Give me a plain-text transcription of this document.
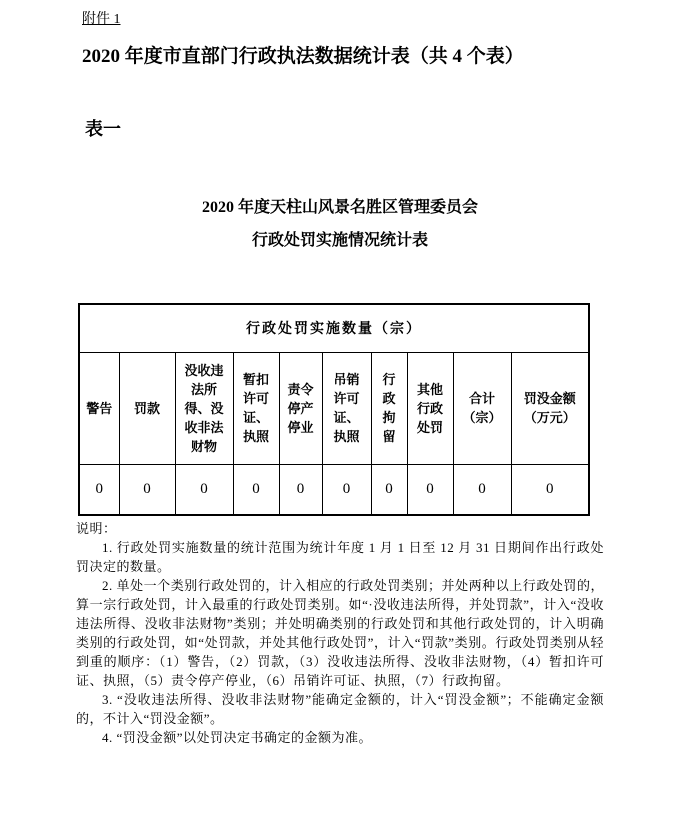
附件 1
2020 年度市直部门行政执法数据统计表（共 4 个表）
表一
2020 年度天柱山风景名胜区管理委员会
行政处罚实施情况统计表
行政处罚实施数量（宗）									
警告	罚款	没收违法所得、没收非法财物	暂扣许可证、执照	责令停产停业	吊销许可证、执照	行政拘留	其他行政处罚	合计（宗）	罚没金额（万元）
0	0	0	0	0	0	0	0	0	0
说明：

1. 行政处罚实施数量的统计范围为统计年度 1 月 1 日至 12 月 31 日期间作出行政处罚决定的数量。

2. 单处一个类别行政处罚的，计入相应的行政处罚类别；并处两种以上行政处罚的，算一宗行政处罚，计入最重的行政处罚类别。如“·没收违法所得，并处罚款”，计入“没收违法所得、没收非法财物”类别；并处明确类别的行政处罚和其他行政处罚的，计入明确类别的行政处罚，如“处罚款，并处其他行政处罚”，计入“罚款”类别。行政处罚类别从轻到重的顺序：（1）警告，（2）罚款，（3）没收违法所得、没收非法财物，（4）暂扣许可证、执照，（5）责令停产停业，（6）吊销许可证、执照，（7）行政拘留。

3. “没收违法所得、没收非法财物”能确定金额的，计入“罚没金额”；不能确定金额的，不计入“罚没金额”。

4. “罚没金额”以处罚决定书确定的金额为准。
